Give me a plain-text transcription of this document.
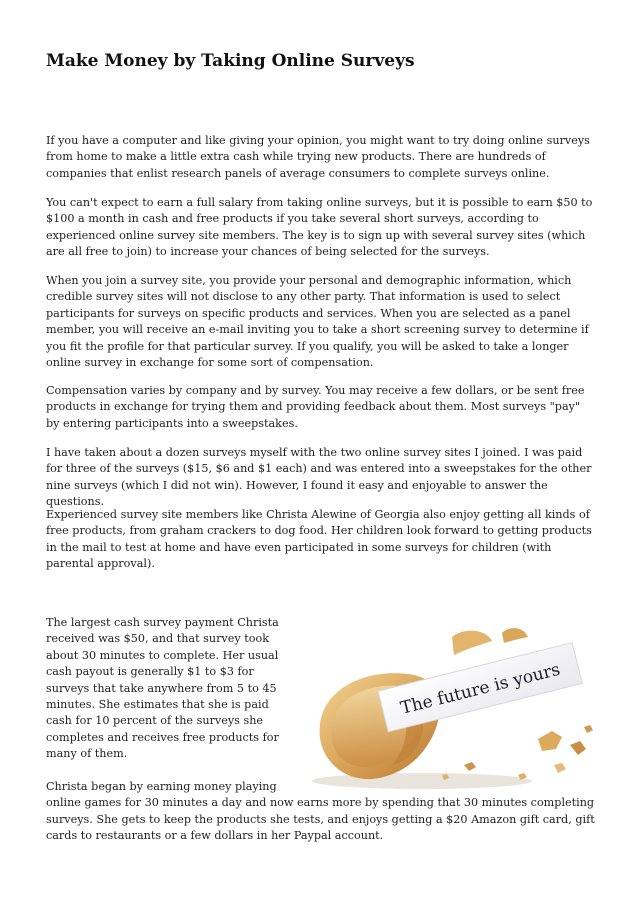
Make Money by Taking Online Surveys

If you have a computer and like giving your opinion, you might want to try doing online surveys from home to make a little extra cash while trying new products. There are hundreds of companies that enlist research panels of average consumers to complete surveys online.

You can't expect to earn a full salary from taking online surveys, but it is possible to earn $50 to $100 a month in cash and free products if you take several short surveys, according to experienced online survey site members. The key is to sign up with several survey sites (which are all free to join) to increase your chances of being selected for the surveys.

When you join a survey site, you provide your personal and demographic information, which credible survey sites will not disclose to any other party. That information is used to select participants for surveys on specific products and services. When you are selected as a panel member, you will receive an e-mail inviting you to take a short screening survey to determine if you fit the profile for that particular survey. If you qualify, you will be asked to take a longer online survey in exchange for some sort of compensation.

Compensation varies by company and by survey. You may receive a few dollars, or be sent free products in exchange for trying them and providing feedback about them. Most surveys "pay" by entering participants into a sweepstakes.

I have taken about a dozen surveys myself with the two online survey sites I joined. I was paid for three of the surveys ($15, $6 and $1 each) and was entered into a sweepstakes for the other nine surveys (which I did not win). However, I found it easy and enjoyable to answer the questions.

Experienced survey site members like Christa Alewine of Georgia also enjoy getting all kinds of free products, from graham crackers to dog food. Her children look forward to getting products in the mail to test at home and have even participated in some surveys for children (with parental approval).

The future is yours

The largest cash survey payment Christa received was $50, and that survey took about 30 minutes to complete. Her usual cash payout is generally $1 to $3 for surveys that take anywhere from 5 to 45 minutes. She estimates that she is paid cash for 10 percent of the surveys she completes and receives free products for many of them.

Christa began by earning money playing online games for 30 minutes a day and now earns more by spending that 30 minutes completing surveys. She gets to keep the products she tests, and enjoys getting a $20 Amazon gift card, gift cards to restaurants or a few dollars in her Paypal account.
